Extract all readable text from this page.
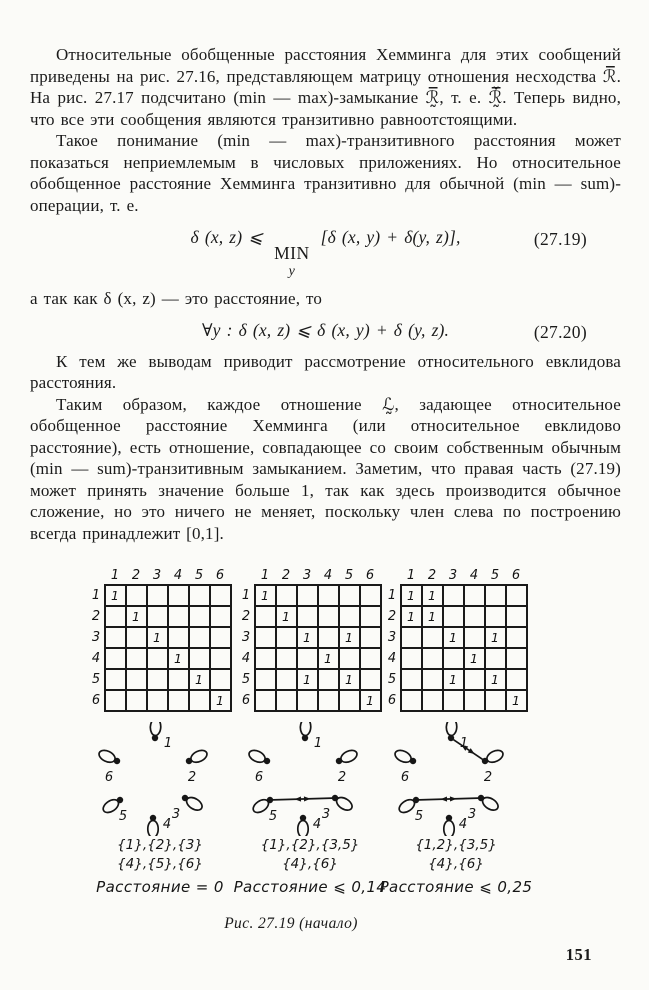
Относительные обобщенные расстояния Хемминга для этих сообщений приведены на рис. 27.16, представляющем матрицу отношения несходства ℛ̅. На рис. 27.17 подсчитано (min — max)-замыкание ℛ̰̅, т. е. ℛ̰̅̌. Теперь видно, что все эти сообщения являются транзитивно равноотстоящими.

Такое понимание (min — max)-транзитивного расстояния может показаться неприемлемым в числовых приложениях. Но относительное обобщенное расстояние Хемминга транзитивно для обычной (min — sum)-операции, т. е.

δ (x, z) ⩽
MIN
y
[δ (x, y) + δ(y, z)],	(27.19)

а так как δ (x, z) — это расстояние, то

∀y : δ (x, z) ⩽ δ (x, y) + δ (y, z).	(27.20)

К тем же выводам приводит рассмотрение относительного евклидова расстояния.

Таким образом, каждое отношение ℒ̰, задающее относительное обобщенное расстояние Хемминга (или относительное евклидово расстояние), есть отношение, совпадающее со своим собственным обычным (min — sum)-транзитивным замыканием. Заметим, что правая часть (27.19) может принять значение больше 1, так как здесь производится обычное сложение, но это ничего не меняет, поскольку член слева по построению всегда принадлежит [0,1].

	1	2	3	4	5	6
1	1					
2		1				
3			1			
4				1		
5					1	
6						1
1
2
3
4
5
6
{1},{2},{3}
{4},{5},{6}
Расстояние = 0
	1	2	3	4	5	6
1	1					
2		1				
3			1		1	
4				1		
5			1		1	
6						1
1
2
3
4
5
6
{1},{2},{3,5}
{4},{6}
Расстояние ⩽ 0,14
	1	2	3	4	5	6
1	1	1				
2	1	1				
3			1		1	
4				1		
5			1		1	
6						1
1
2
3
4
5
6
{1,2},{3,5}
{4},{6}
Расстояние ⩽ 0,25
Рис. 27.19 (начало)
151
